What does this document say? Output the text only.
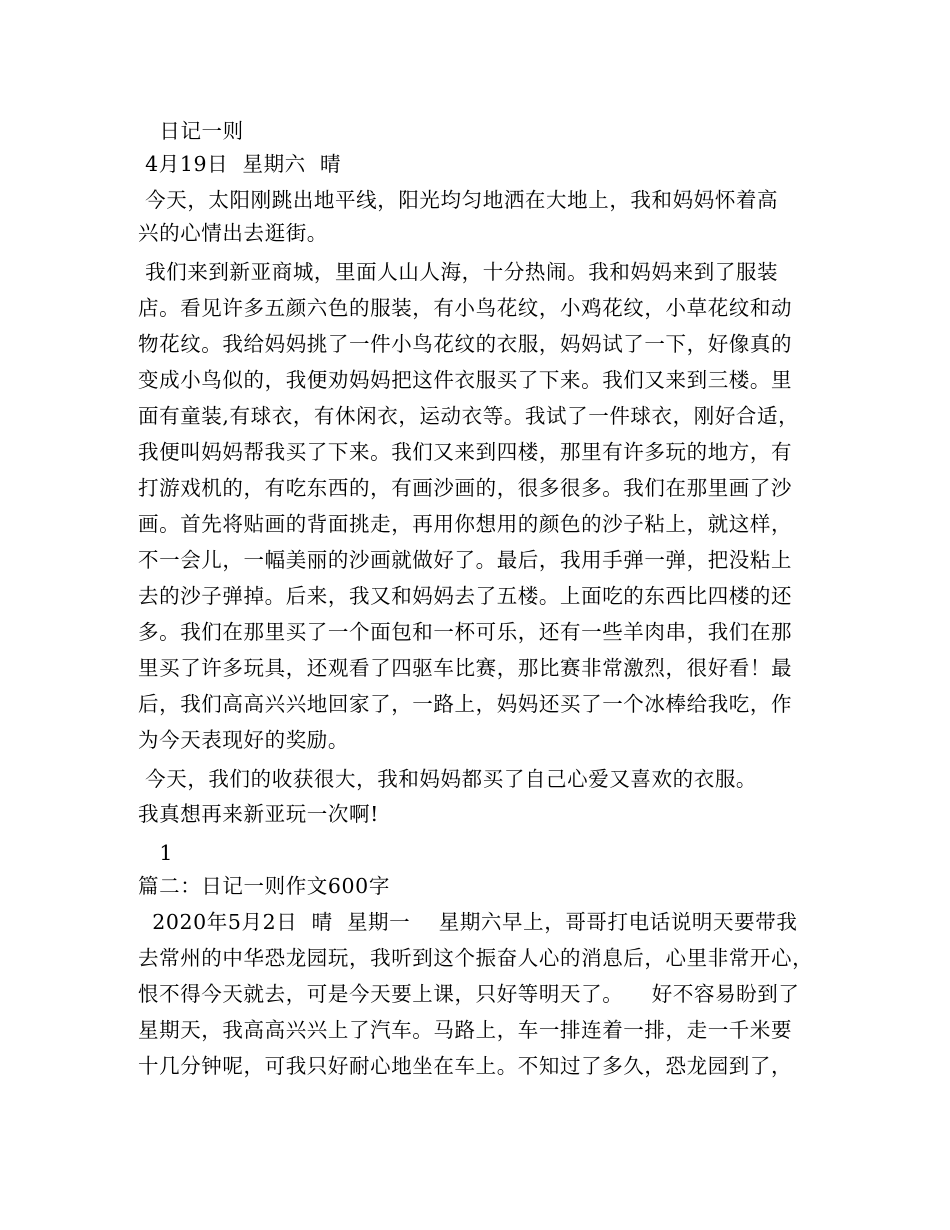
日记一则
4月19日  星期六  晴
今天，太阳刚跳出地平线，阳光均匀地洒在大地上，我和妈妈怀着高
兴的心情出去逛街。
我们来到新亚商城，里面人山人海，十分热闹。我和妈妈来到了服装
店。看见许多五颜六色的服装，有小鸟花纹，小鸡花纹，小草花纹和动
物花纹。我给妈妈挑了一件小鸟花纹的衣服，妈妈试了一下，好像真的
变成小鸟似的，我便劝妈妈把这件衣服买了下来。我们又来到三楼。里
面有童装,有球衣，有休闲衣，运动衣等。我试了一件球衣，刚好合适，
我便叫妈妈帮我买了下来。我们又来到四楼，那里有许多玩的地方，有
打游戏机的，有吃东西的，有画沙画的，很多很多。我们在那里画了沙
画。首先将贴画的背面挑走，再用你想用的颜色的沙子粘上，就这样，
不一会儿，一幅美丽的沙画就做好了。最后，我用手弹一弹，把没粘上
去的沙子弹掉。后来，我又和妈妈去了五楼。上面吃的东西比四楼的还
多。我们在那里买了一个面包和一杯可乐，还有一些羊肉串，我们在那
里买了许多玩具，还观看了四驱车比赛，那比赛非常激烈，很好看！最
后，我们高高兴兴地回家了，一路上，妈妈还买了一个冰棒给我吃，作
为今天表现好的奖励。
今天，我们的收获很大，我和妈妈都买了自己心爱又喜欢的衣服。
我真想再来新亚玩一次啊!
1
篇二：日记一则作文600字
2020年5月2日  晴  星期一    星期六早上，哥哥打电话说明天要带我
去常州的中华恐龙园玩，我听到这个振奋人心的消息后，心里非常开心，
恨不得今天就去，可是今天要上课，只好等明天了。    好不容易盼到了
星期天，我高高兴兴上了汽车。马路上，车一排连着一排，走一千米要
十几分钟呢，可我只好耐心地坐在车上。不知过了多久，恐龙园到了，
